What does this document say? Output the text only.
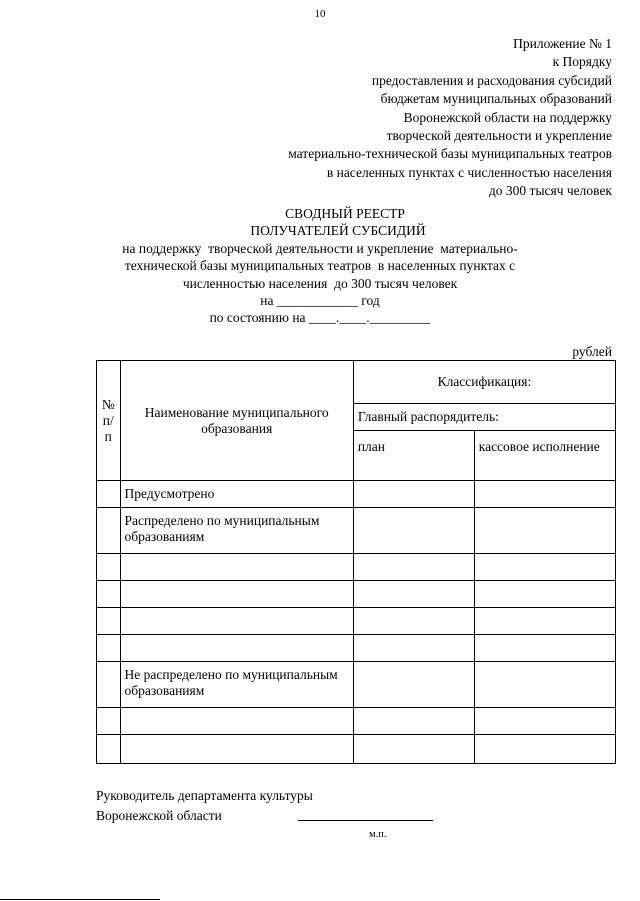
10
Приложение № 1
к Порядку
предоставления и расходования субсидий
бюджетам муниципальных образований
Воронежской области на поддержку
творческой деятельности и укрепление
материально-технической базы муниципальных театров
в населенных пунктах с численностью населения
до 300 тысяч человек
СВОДНЫЙ РЕЕСТР
ПОЛУЧАТЕЛЕЙ СУБСИДИЙ
на поддержку  творческой деятельности и укрепление  материально-
технической базы муниципальных театров  в населенных пунктах с
численностью населения  до 300 тысяч человек
на ____________ год
по состоянию на ____.____._________
рублей
№ п/п	Наименование муниципального образования	Классификация:	
		Главный распорядитель:	
		план	кассовое исполнение
	Предусмотрено		
	Распределено по муниципальным образованиям		

	Не распределено по муниципальным образованиям		

Руководитель департамента культуры
Воронежской области
м.п.
